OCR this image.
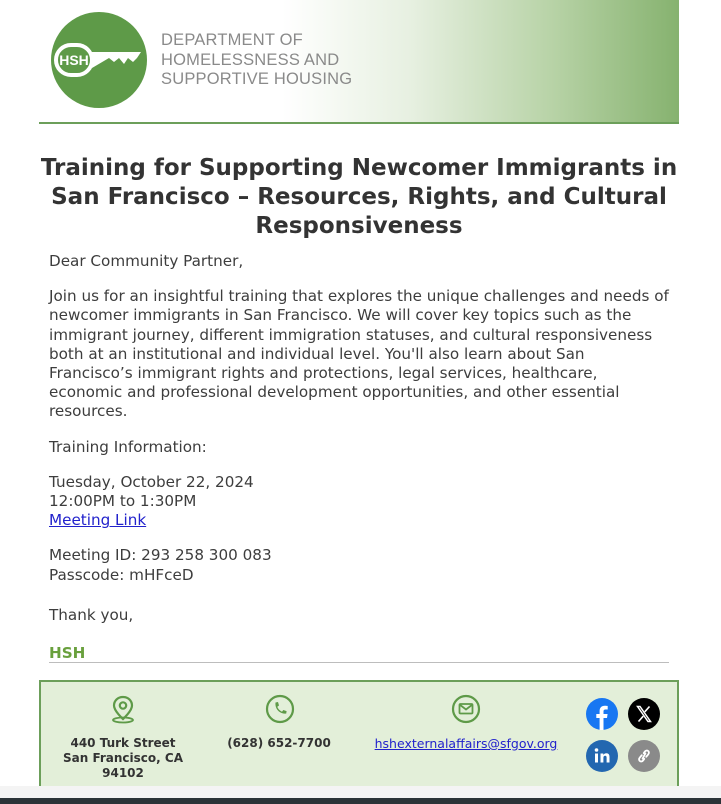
HSH
DEPARTMENT OF
HOMELESSNESS AND
SUPPORTIVE HOUSING
Training for Supporting Newcomer Immigrants in
San Francisco – Resources, Rights, and Cultural
Responsiveness

Dear Community Partner,

Join us for an insightful training that explores the unique challenges and needs of newcomer immigrants in San Francisco. We will cover key topics such as the immigrant journey, different immigration statuses, and cultural responsiveness both at an institutional and individual level. You'll also learn about San Francisco’s immigrant rights and protections, legal services, healthcare, economic and professional development opportunities, and other essential resources.

Training Information:

Tuesday, October 22, 2024

12:00PM to 1:30PM

Meeting Link

Meeting ID: 293 258 300 083

Passcode: mHFceD

Thank you,

HSH

440 Turk Street
San Francisco, CA
94102
(628) 652-7700	hshexternalaffairs@sfgov.org
